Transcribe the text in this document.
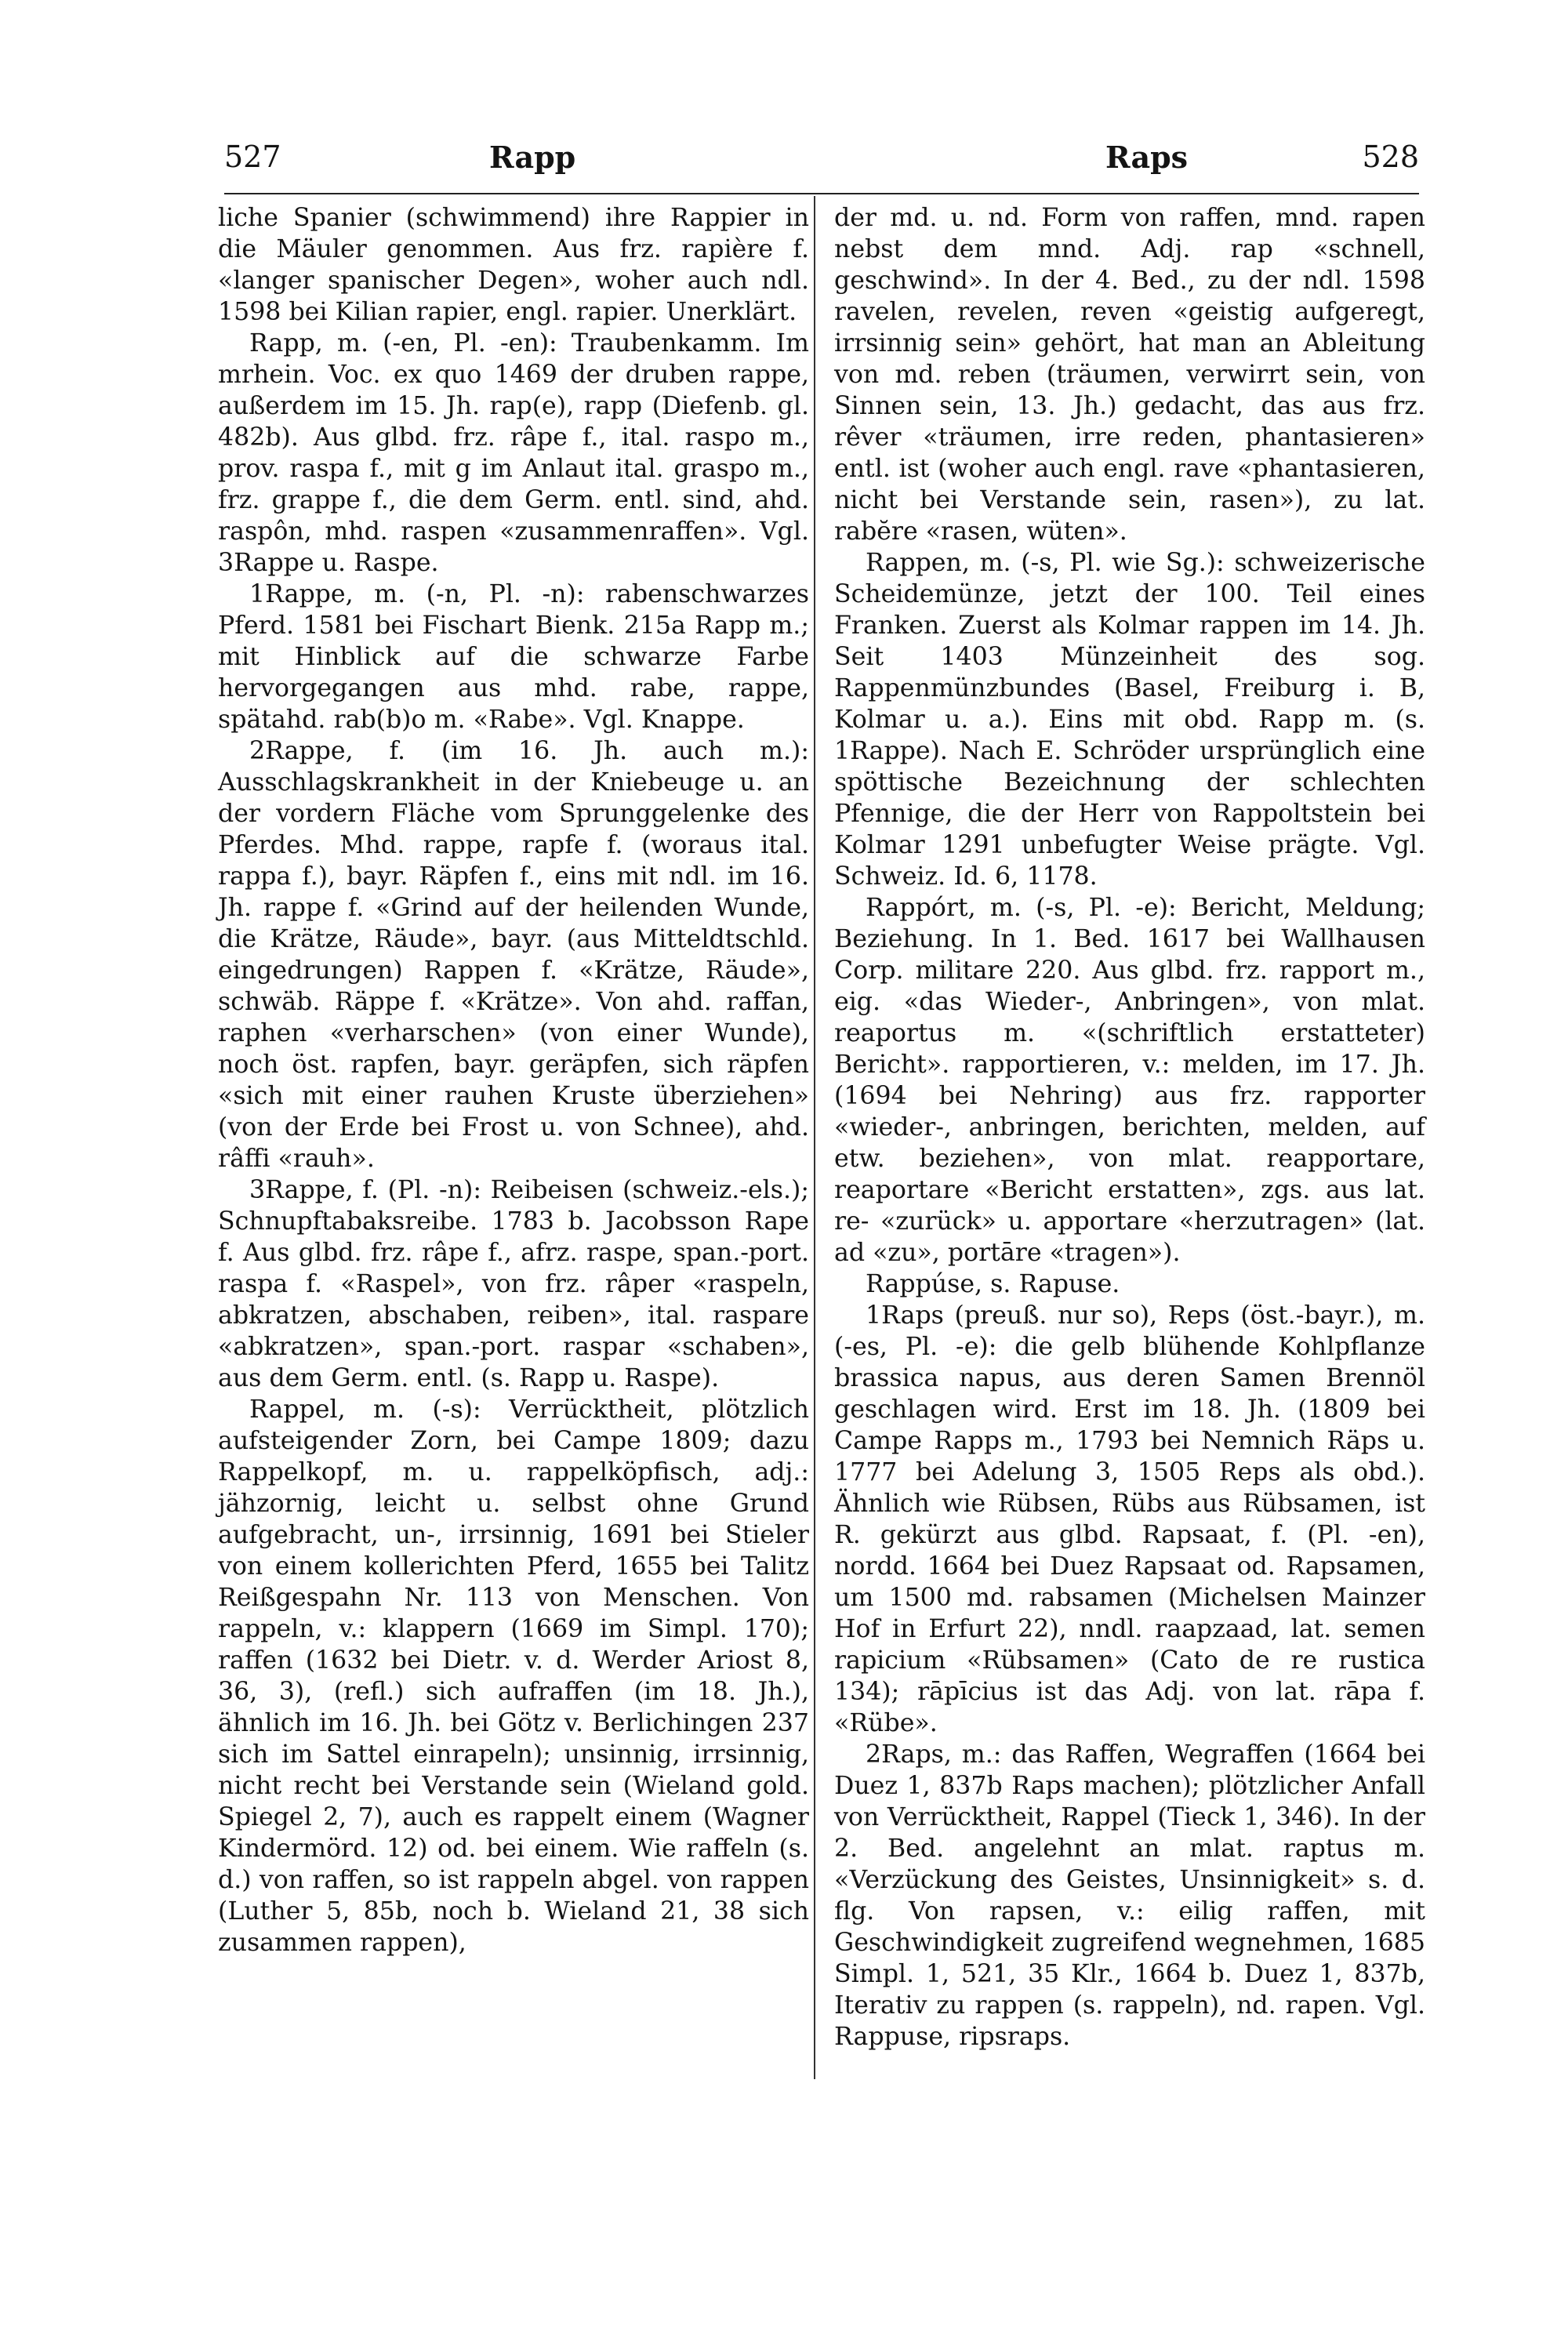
527	Rapp	Raps	528

liche Spanier (schwimmend) ihre Rappier in die Mäuler genommen. Aus frz. rapière f. «langer spanischer Degen», woher auch ndl. 1598 bei Kilian rapier, engl. rapier. Unerklärt.

Rapp, m. (-en, Pl. -en): Traubenkamm. Im mrhein. Voc. ex quo 1469 der druben rappe, außerdem im 15. Jh. rap(e), rapp (Diefenb. gl. 482b). Aus glbd. frz. râpe f., ital. raspo m., prov. raspa f., mit g im Anlaut ital. graspo m., frz. grappe f., die dem Germ. entl. sind, ahd. raspôn, mhd. raspen «zusammenraffen». Vgl. 3Rappe u. Raspe.

1Rappe, m. (-n, Pl. -n): rabenschwarzes Pferd. 1581 bei Fischart Bienk. 215a Rapp m.; mit Hinblick auf die schwarze Farbe hervorgegangen aus mhd. rabe, rappe, spätahd. rab(b)o m. «Rabe». Vgl. Knappe.

2Rappe, f. (im 16. Jh. auch m.): Ausschlagskrankheit in der Kniebeuge u. an der vordern Fläche vom Sprunggelenke des Pferdes. Mhd. rappe, rapfe f. (woraus ital. rappa f.), bayr. Räpfen f., eins mit ndl. im 16. Jh. rappe f. «Grind auf der heilenden Wunde, die Krätze, Räude», bayr. (aus Mitteldtschld. eingedrungen) Rappen f. «Krätze, Räude», schwäb. Räppe f. «Krätze». Von ahd. raffan, raphen «verharschen» (von einer Wunde), noch öst. rapfen, bayr. geräpfen, sich räpfen «sich mit einer rauhen Kruste überziehen» (von der Erde bei Frost u. von Schnee), ahd. râffi «rauh».

3Rappe, f. (Pl. -n): Reibeisen (schweiz.-els.); Schnupftabaksreibe. 1783 b. Jacobsson Rape f. Aus glbd. frz. râpe f., afrz. raspe, span.-port. raspa f. «Raspel», von frz. râper «raspeln, abkratzen, abschaben, reiben», ital. raspare «abkratzen», span.-port. raspar «schaben», aus dem Germ. entl. (s. Rapp u. Raspe).

Rappel, m. (-s): Verrücktheit, plötzlich aufsteigender Zorn, bei Campe 1809; dazu Rappelkopf, m. u. rappelköpfisch, adj.: jähzornig, leicht u. selbst ohne Grund aufgebracht, un-, irrsinnig, 1691 bei Stieler von einem kollerichten Pferd, 1655 bei Talitz Reißgespahn Nr. 113 von Menschen. Von rappeln, v.: klappern (1669 im Simpl. 170); raffen (1632 bei Dietr. v. d. Werder Ariost 8, 36, 3), (refl.) sich aufraffen (im 18. Jh.), ähnlich im 16. Jh. bei Götz v. Berlichingen 237 sich im Sattel einrapeln); unsinnig, irrsinnig, nicht recht bei Verstande sein (Wieland gold. Spiegel 2, 7), auch es rappelt einem (Wagner Kindermörd. 12) od. bei einem. Wie raffeln (s. d.) von raffen, so ist rappeln abgel. von rappen (Luther 5, 85b, noch b. Wieland 21, 38 sich zusammen rappen),

der md. u. nd. Form von raffen, mnd. rapen nebst dem mnd. Adj. rap «schnell, geschwind». In der 4. Bed., zu der ndl. 1598 ravelen, revelen, reven «geistig aufgeregt, irrsinnig sein» gehört, hat man an Ableitung von md. reben (träumen, verwirrt sein, von Sinnen sein, 13. Jh.) gedacht, das aus frz. rêver «träumen, irre reden, phantasieren» entl. ist (woher auch engl. rave «phantasieren, nicht bei Verstande sein, rasen»), zu lat. rabĕre «rasen, wüten».

Rappen, m. (-s, Pl. wie Sg.): schweizerische Scheidemünze, jetzt der 100. Teil eines Franken. Zuerst als Kolmar rappen im 14. Jh. Seit 1403 Münzeinheit des sog. Rappenmünzbundes (Basel, Freiburg i. B, Kolmar u. a.). Eins mit obd. Rapp m. (s. 1Rappe). Nach E. Schröder ursprünglich eine spöttische Bezeichnung der schlechten Pfennige, die der Herr von Rappoltstein bei Kolmar 1291 unbefugter Weise prägte. Vgl. Schweiz. Id. 6, 1178.

Rappórt, m. (-s, Pl. -e): Bericht, Meldung; Beziehung. In 1. Bed. 1617 bei Wallhausen Corp. militare 220. Aus glbd. frz. rapport m., eig. «das Wieder-, Anbringen», von mlat. reaportus m. «(schriftlich erstatteter) Bericht». rapportieren, v.: melden, im 17. Jh. (1694 bei Nehring) aus frz. rapporter «wieder-, anbringen, berichten, melden, auf etw. beziehen», von mlat. reapportare, reaportare «Bericht erstatten», zgs. aus lat. re- «zurück» u. apportare «herzutragen» (lat. ad «zu», portāre «tragen»).

Rappúse, s. Rapuse.

1Raps (preuß. nur so), Reps (öst.-bayr.), m. (-es, Pl. -e): die gelb blühende Kohlpflanze brassica napus, aus deren Samen Brennöl geschlagen wird. Erst im 18. Jh. (1809 bei Campe Rapps m., 1793 bei Nemnich Räps u. 1777 bei Adelung 3, 1505 Reps als obd.). Ähnlich wie Rübsen, Rübs aus Rübsamen, ist R. gekürzt aus glbd. Rapsaat, f. (Pl. -en), nordd. 1664 bei Duez Rapsaat od. Rapsamen, um 1500 md. rabsamen (Michelsen Mainzer Hof in Erfurt 22), nndl. raapzaad, lat. semen rapicium «Rübsamen» (Cato de re rustica 134); rāpīcius ist das Adj. von lat. rāpa f. «Rübe».

2Raps, m.: das Raffen, Wegraffen (1664 bei Duez 1, 837b Raps machen); plötzlicher Anfall von Verrücktheit, Rappel (Tieck 1, 346). In der 2. Bed. angelehnt an mlat. raptus m. «Verzückung des Geistes, Unsinnigkeit» s. d. flg. Von rapsen, v.: eilig raffen, mit Geschwindigkeit zugreifend wegnehmen, 1685 Simpl. 1, 521, 35 Klr., 1664 b. Duez 1, 837b, Iterativ zu rappen (s. rappeln), nd. rapen. Vgl. Rappuse, ripsraps.
